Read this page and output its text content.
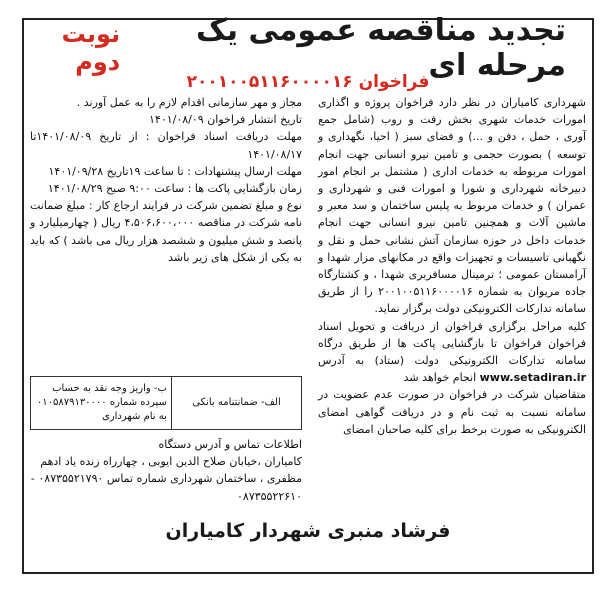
تجدید مناقصه عمومی یک مرحله ای
نوبت دوم
فراخوان ۲۰۰۱۰۰۵۱۱۶۰۰۰۰۱۶

شهرداری کامیاران در نظر دارد فراخوان پروژه و اگذاری امورات خدمات شهری بخش رفت و روب (شامل جمع آوری ، حمل ، دفن و ...) و فضای سبز ( احیا، نگهداری و توسعه ) بصورت حجمی و تامین نیرو انسانی جهت انجام امورات مربوطه به خدمات اداری ( مشتمل بر انجام امور دبیرخانه شهرداری و شورا و امورات فنی و شهرداری و عمران ) و خدمات مربوط به پلیس ساختمان و سد معبر و ماشین آلات و همچنین تامین نیرو انسانی جهت انجام خدمات داخل در حوزه سازمان آتش نشانی حمل و نقل و نگهبانی تاسیسات و تجهیزات واقع در مکانهای مزار شهدا و آرامستان عمومی ؛ ترمینال مسافربری شهدا ، و کشتارگاه جاده مریوان به شماره ۲۰۰۱۰۰۵۱۱۶۰۰۰۰۱۶ را از طریق سامانه تدارکات الکترونیکی دولت برگزار نماید.

کلیه مراحل برگزاری فراخوان از دریافت و تحویل اسناد فراخوان فراخوان تا بازگشایی پاکت ها از طریق درگاه سامانه تدارکات الکترونیکی دولت (ستاد) به آدرس www.setadiran.ir انجام خواهد شد

متقاضیان شرکت در فراخوان در صورت عدم عضویت در سامانه نسبت به ثبت نام و در دریافت گواهی امضای الکترونیکی به صورت برخط برای کلیه صاحبان امضای

مجاز و مهر سازمانی اقدام لازم را به عمل آورند .

تاریخ انتشار فراخوان ۱۴۰۱/۰۸/۰۹

مهلت دریافت اسناد فراخوان : از تاریخ ۱۴۰۱/۰۸/۰۹تا ۱۴۰۱/۰۸/۱۷

مهلت ارسال پیشنهادات : تا ساعت ۱۹تاریخ ۱۴۰۱/۰۹/۲۸

زمان بازگشایی پاکت ها : ساعت ۹:۰۰ صبح ۱۴۰۱/۰۸/۲۹

نوع و مبلغ تضمین شرکت در فرایند ارجاع کار : مبلغ ضمانت نامه شرکت در مناقصه ۴،۵۰۶،۶۰۰،۰۰۰ ریال ( چهارمیلیارد و پانصد و شش میلیون و ششصد هزار ریال می باشد ) که باید به یکی از شکل های زیر باشد

الف- ضمانتنامه بانکی	ب- واریز وجه نقد به حساب سپرده شماره ۰۱۰۵۸۷۹۱۳۰۰۰۰ به نام شهرداری

اطلاعات تماس و آدرس دستگاه

کامیاران ،خیابان صلاح الدین ایوبی ، چهارراه زنده یاد ادهم مظفری ، ساختمان شهرداری شماره تماس ۰۸۷۳۵۵۲۱۷۹۰ - ۰۸۷۳۵۵۲۲۶۱۰

فرشاد منبری شهردار کامیاران
